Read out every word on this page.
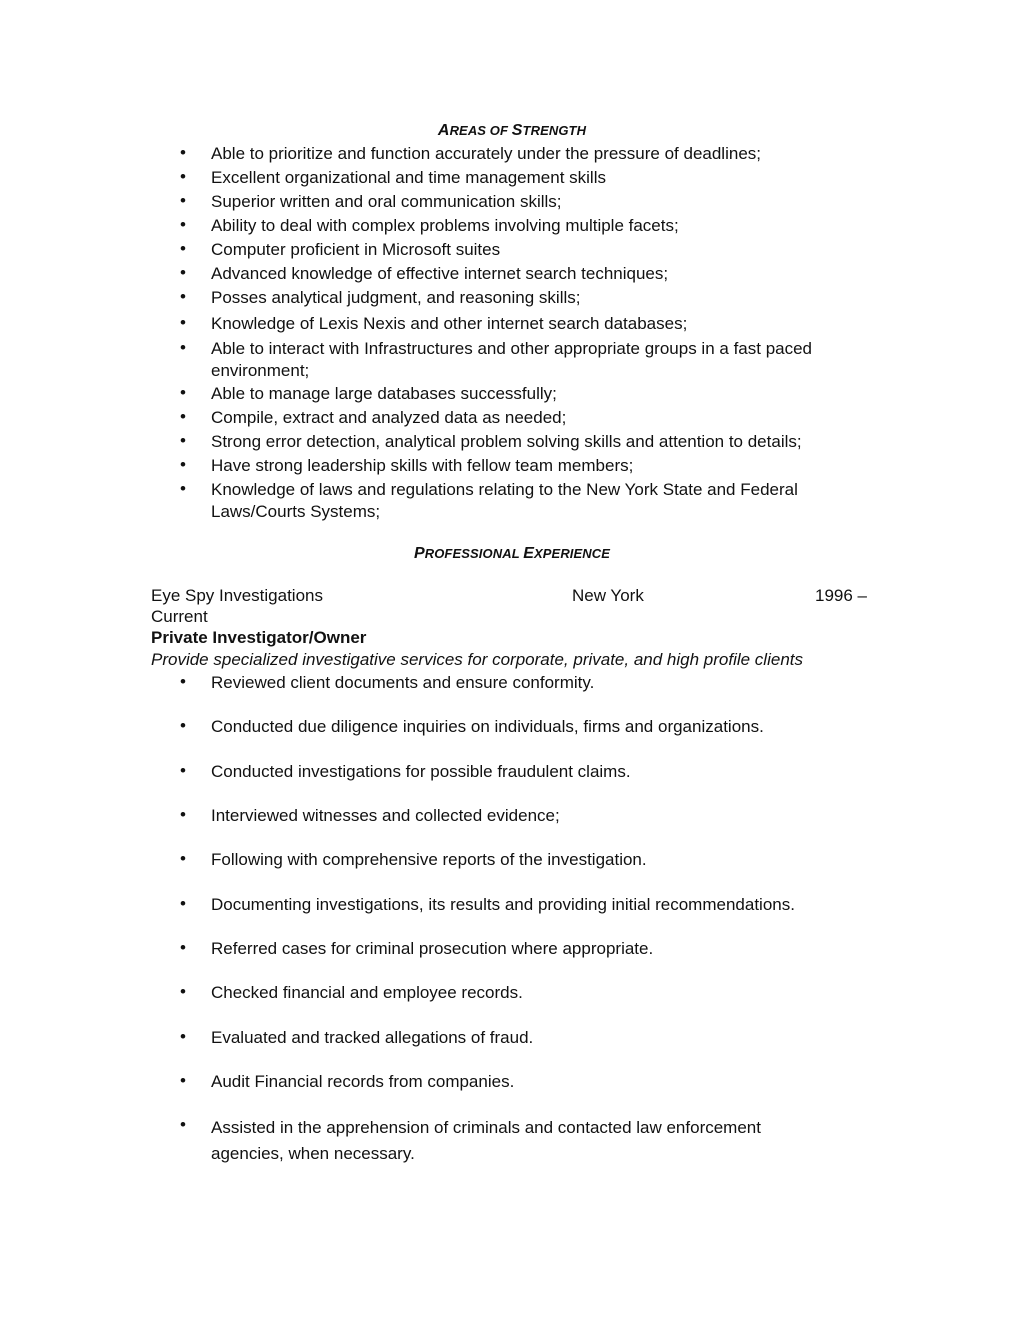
AREAS OF STRENGTH
• Able to prioritize and function accurately under the pressure of deadlines;
• Excellent organizational and time management skills
• Superior written and oral communication skills;
• Ability to deal with complex problems involving multiple facets;
• Computer proficient in Microsoft suites
• Advanced knowledge of effective internet search techniques;
• Posses analytical judgment, and reasoning skills;
• Knowledge of Lexis Nexis and other internet search databases;
• Able to interact with Infrastructures and other appropriate groups in a fast paced environment;
• Able to manage large databases successfully;
• Compile, extract and analyzed data as needed;
• Strong error detection, analytical problem solving skills and attention to details;
• Have strong leadership skills with fellow team members;
• Knowledge of laws and regulations relating to the New York State and Federal Laws/Courts Systems;
PROFESSIONAL EXPERIENCE
Eye Spy Investigations	New York	1996 –
Current
Private Investigator/Owner
Provide specialized investigative services for corporate, private, and high profile clients
• Reviewed client documents and ensure conformity.
• Conducted due diligence inquiries on individuals, firms and organizations.
• Conducted investigations for possible fraudulent claims.
• Interviewed witnesses and collected evidence;
• Following with comprehensive reports of the investigation.
• Documenting investigations, its results and providing initial recommendations.
• Referred cases for criminal prosecution where appropriate.
• Checked financial and employee records.
• Evaluated and tracked allegations of fraud.
• Audit Financial records from companies.
• Assisted in the apprehension of criminals and contacted law enforcement agencies, when necessary.
